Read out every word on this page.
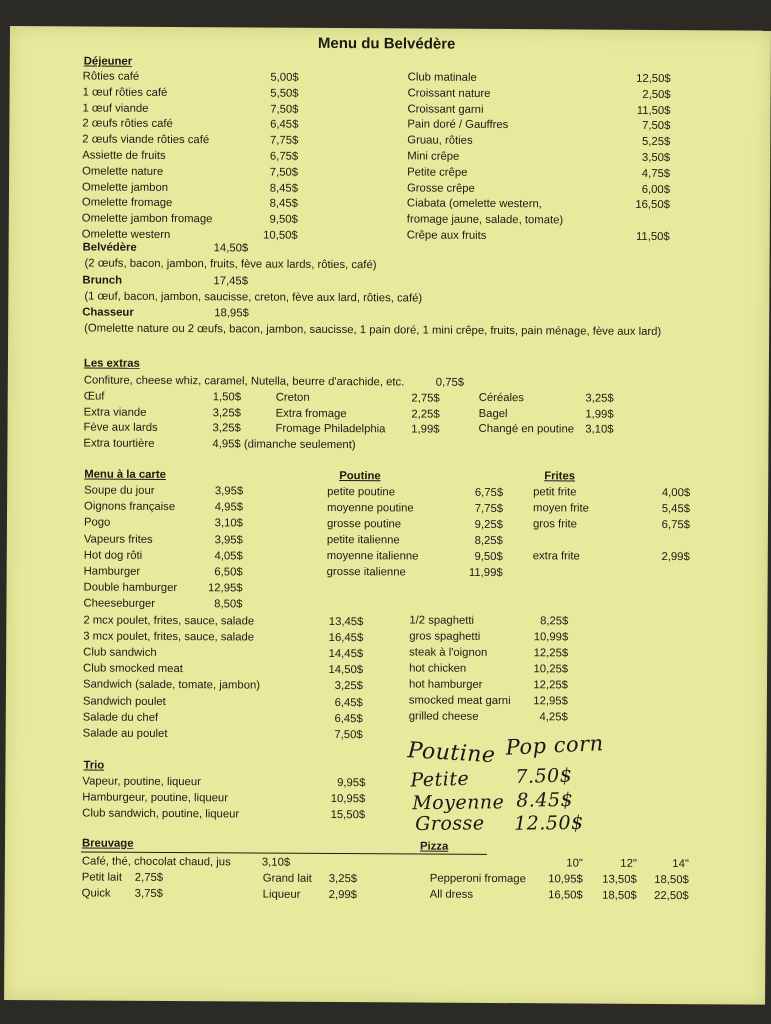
Menu du Belvédère
Déjeuner
Rôties café	5,00$
1 œuf rôties café	5,50$
1 œuf viande	7,50$
2 œufs rôties café	6,45$
2 œufs viande rôties café	7,75$
Assiette de fruits	6,75$
Omelette nature	7,50$
Omelette jambon	8,45$
Omelette fromage	8,45$
Omelette jambon fromage	9,50$
Omelette western	10,50$
Club matinale	12,50$
Croissant nature	2,50$
Croissant garni	11,50$
Pain doré / Gauffres	7,50$
Gruau, rôties	5,25$
Mini crêpe	3,50$
Petite crêpe	4,75$
Grosse crêpe	6,00$
Ciabata (omelette western,	16,50$
fromage jaune, salade, tomate)
Crêpe aux fruits	11,50$
Belvédère	14,50$
(2 œufs, bacon, jambon, fruits, fève aux lards, rôties, café)
Brunch	17,45$
(1 œuf, bacon, jambon, saucisse, creton, fève aux lard, rôties, café)
Chasseur	18,95$
(Omelette nature ou 2 œufs, bacon, jambon, saucisse, 1 pain doré, 1 mini crêpe, fruits, pain ménage, fève aux lard)
Les extras
Confiture, cheese whiz, caramel, Nutella, beurre d'arachide, etc.	0,75$
Œuf	1,50$
Extra viande	3,25$
Fève aux lards	3,25$
Extra tourtière	4,95$ (dimanche seulement)
Creton	2,75$
Extra fromage	2,25$
Fromage Philadelphia	1,99$
Céréales	3,25$
Bagel	1,99$
Changé en poutine 3,10$
Menu à la carte
Soupe du jour	3,95$
Oignons française	4,95$
Pogo	3,10$
Vapeurs frites	3,95$
Hot dog rôti	4,05$
Hamburger	6,50$
Double hamburger	12,95$
Cheeseburger	8,50$
2 mcx poulet, frites, sauce, salade	13,45$
3 mcx poulet, frites, sauce, salade	16,45$
Club sandwich	14,45$
Club smocked meat	14,50$
Sandwich (salade, tomate, jambon)	3,25$
Sandwich poulet	6,45$
Salade du chef	6,45$
Salade au poulet	7,50$
Poutine
petite poutine	6,75$
moyenne poutine	7,75$
grosse poutine	9,25$
petite italienne	8,25$
moyenne italienne	9,50$
grosse italienne	11,99$
Frites
petit frite	4,00$
moyen frite	5,45$
gros frite	6,75$
extra frite	2,99$
1/2 spaghetti	8,25$
gros spaghetti	10,99$
steak à l'oignon	12,25$
hot chicken	10,25$
hot hamburger	12,25$
smocked meat garni	12,95$
grilled cheese	4,25$
Trio
Vapeur, poutine, liqueur	9,95$
Hamburgeur, poutine, liqueur	10,95$
Club sandwich, poutine, liqueur	15,50$
Poutine Pop corn
Petite 7.50$
Moyenne 8.45$
Grosse 12.50$
Breuvage	Pizza
Café, thé, chocolat chaud, jus	3,10$
Petit lait 2,75$
Quick 3,75$
Grand lait 3,25$
Liqueur 2,99$
10"	12"	14"
Pepperoni fromage	10,95$	13,50$	18,50$
All dress	16,50$	18,50$	22,50$
